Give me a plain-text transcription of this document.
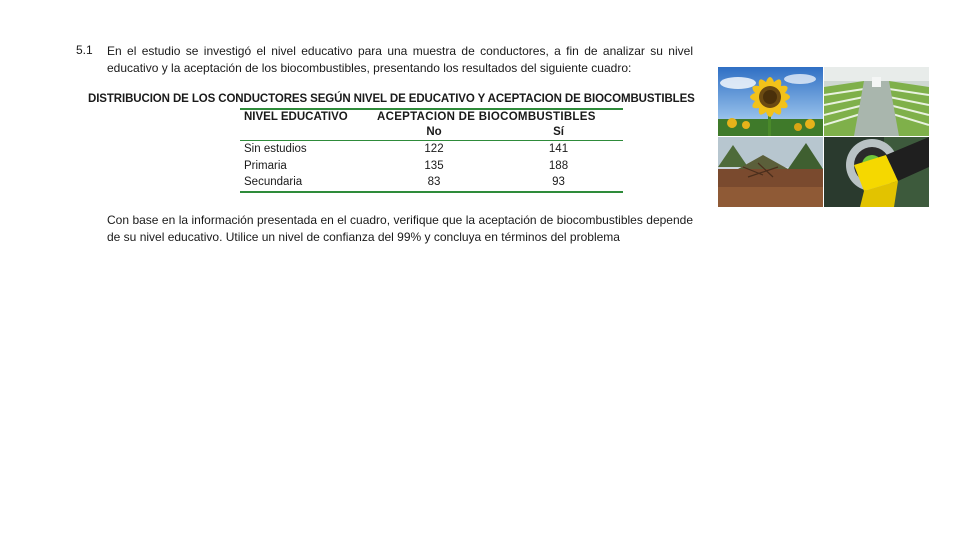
5.1 En el estudio se investigó el nivel educativo para una muestra de conductores, a fin de analizar su nivel educativo y la aceptación de los biocombustibles, presentando los resultados del siguiente cuadro:
DISTRIBUCION DE LOS CONDUCTORES SEGÚN NIVEL DE EDUCATIVO Y ACEPTACION DE BIOCOMBUSTIBLES

NIVEL EDUCATIVO	ACEPTACION DE BIOCOMBUSTIBLES	
	No	Sí
Sin estudios	122	141
Primaria	135	188
Secundaria	83	93

Con base en la información presentada en el cuadro, verifique que la aceptación de biocombustibles depende de su nivel educativo. Utilice un nivel de confianza del 99% y concluya en términos del problema
